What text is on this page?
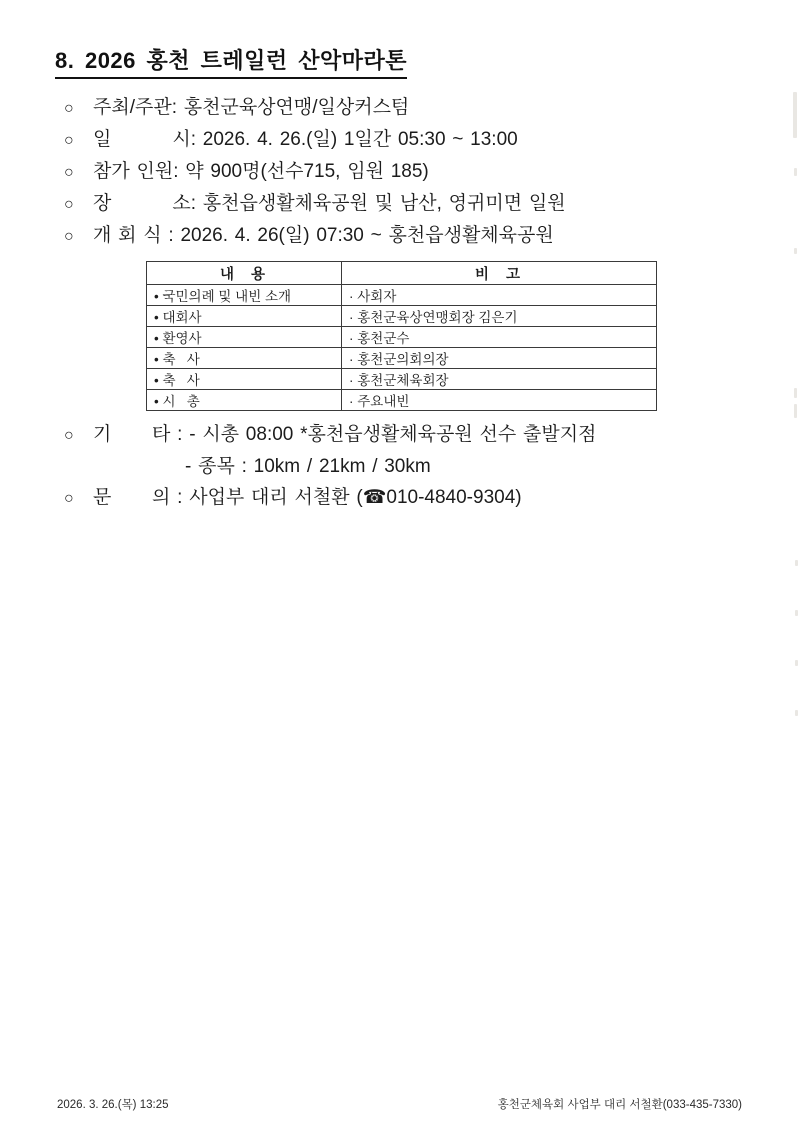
8. 2026 홍천 트레일런 산악마라톤
○	주최/주관: 홍천군육상연맹/일상커스텀
○	일         시: 2026. 4. 26.(일) 1일간 05:30 ~ 13:00
○	참가 인원: 약 900명(선수715, 임원 185)
○	장         소: 홍천읍생활체육공원 및 남산, 영귀미면 일원
○	개 회 식 : 2026. 4. 26(일) 07:30 ~ 홍천읍생활체육공원
내  용	비  고
• 국민의례 및 내빈 소개	· 사회자
• 대회사	· 홍천군육상연맹회장 김은기
• 환영사	· 홍천군수
• 축   사	· 홍천군의회의장
• 축   사	· 홍천군체육회장
• 시   총	· 주요내빈
○	기      타 : - 시총 08:00 *홍천읍생활체육공원 선수 출발지점
- 종목 : 10km / 21km / 30km
○	문      의 : 사업부 대리 서철환 (☎010-4840-9304)
2026. 3. 26.(목) 13:25	홍천군체육회 사업부 대리 서철환(033-435-7330)
